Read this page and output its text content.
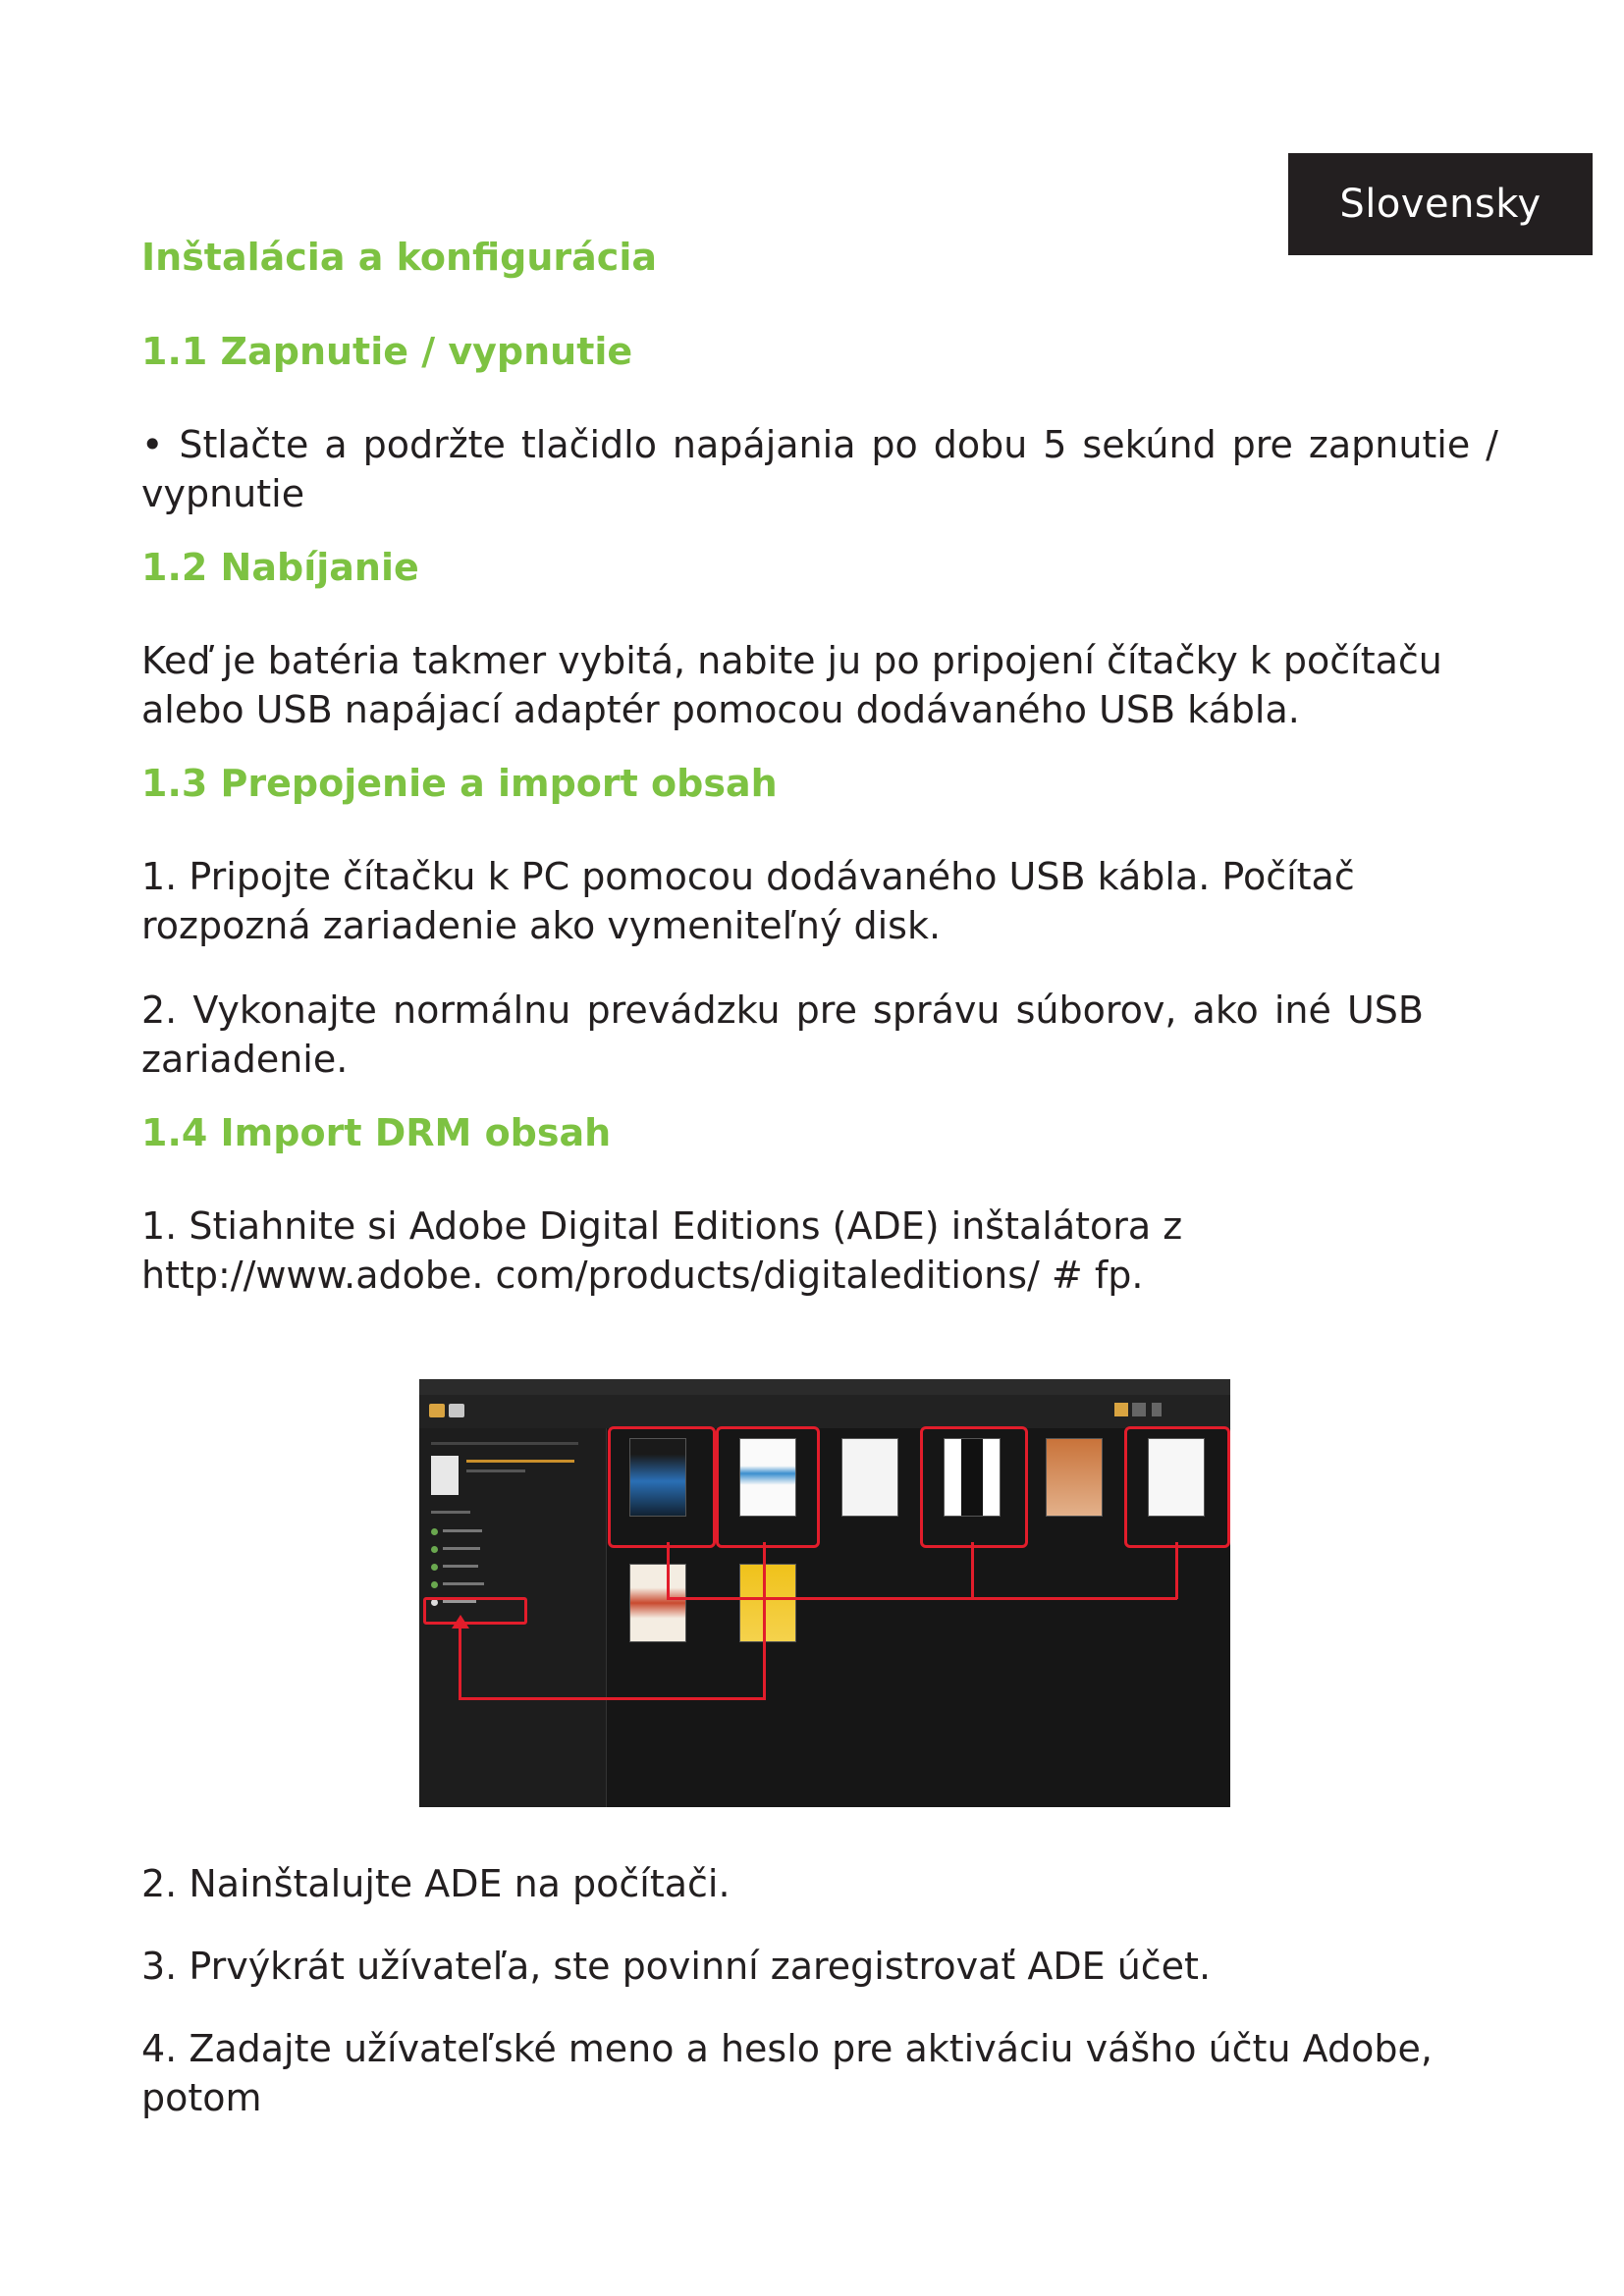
Slovensky
Inštalácia a konfigurácia
1.1 Zapnutie / vypnutie

• Stlačte a podržte tlačidlo napájania po dobu 5 sekúnd pre zapnutie / vypnutie

1.2 Nabíjanie

Keď je batéria takmer vybitá, nabite ju po pripojení čítačky k počítaču alebo USB napájací adaptér pomocou dodávaného USB kábla.

1.3 Prepojenie a import obsah

1. Pripojte čítačku k PC pomocou dodávaného USB kábla. Počítač rozpozná zariadenie ako vymeniteľný disk.

2. Vykonajte normálnu prevádzku pre správu súborov, ako iné USB zariadenie.

1.4 Import DRM obsah

1. Stiahnite si Adobe Digital Editions (ADE) inštalátora z http://www.adobe. com/products/digitaleditions/ # fp.

2. Nainštalujte ADE na počítači.

3. Prvýkrát užívateľa, ste povinní zaregistrovať ADE účet.

4. Zadajte užívateľské meno a heslo pre aktiváciu vášho účtu Adobe, potom
